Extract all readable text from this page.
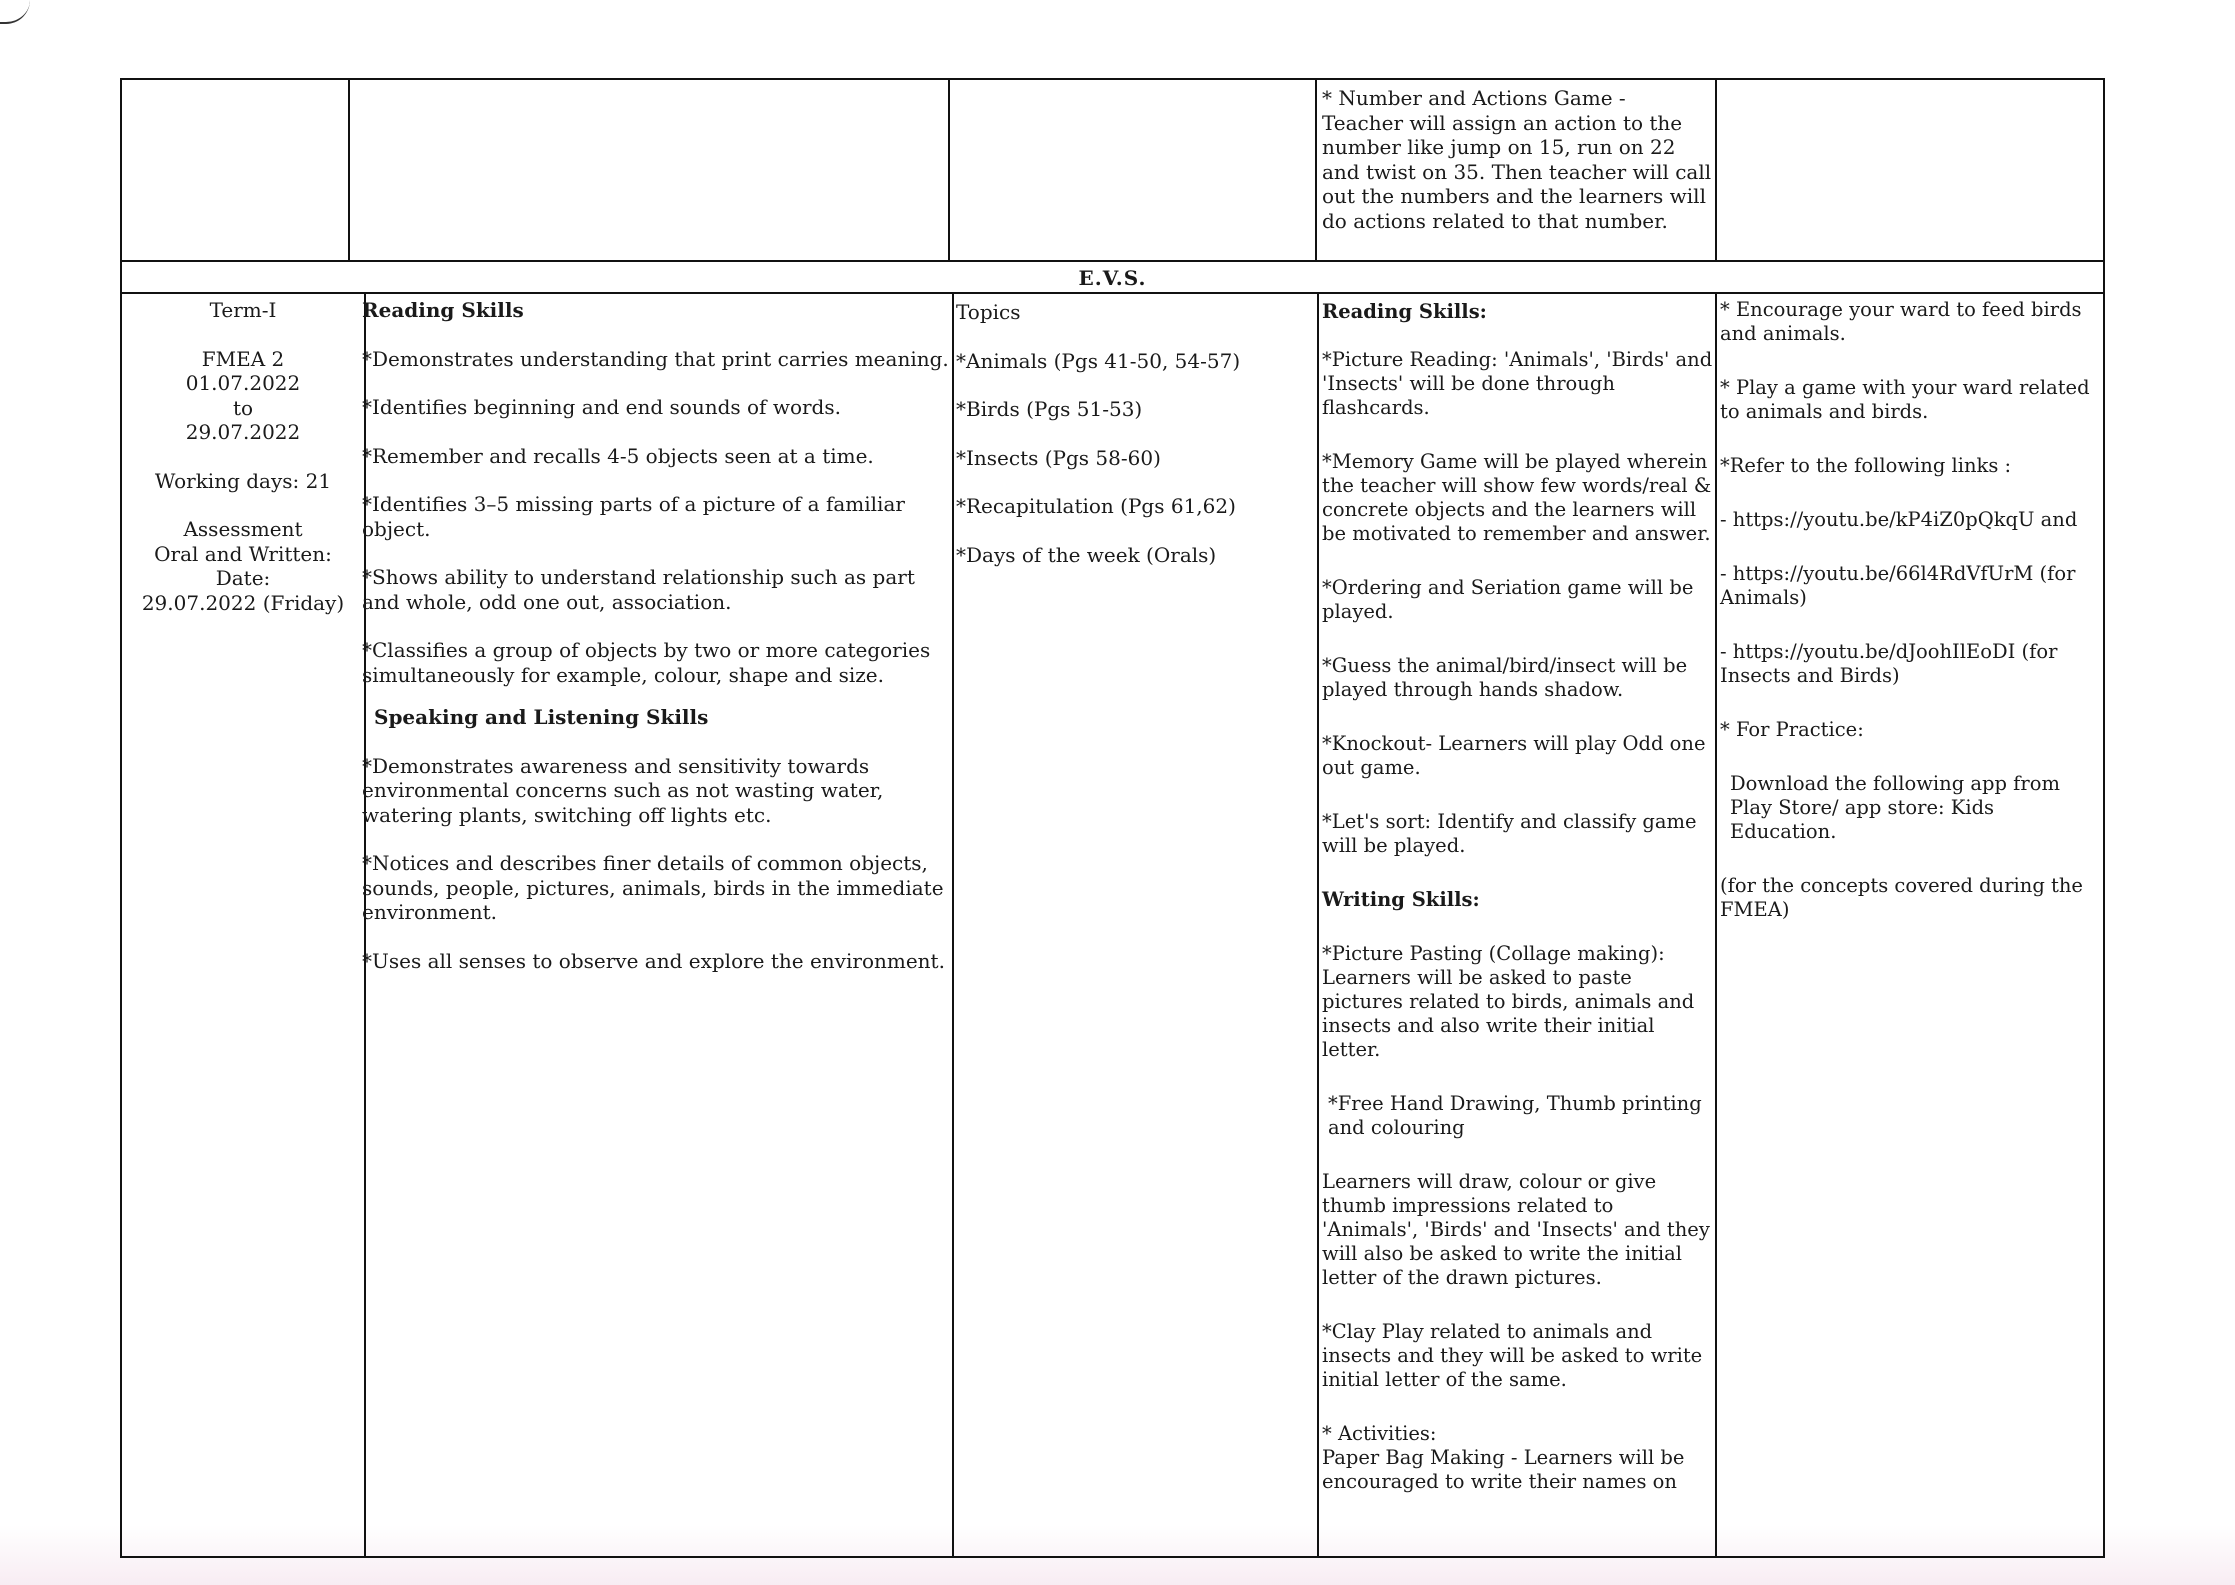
E.V.S.

* Number and Actions Game - Teacher will assign an action to the number like jump on 15, run on 22 and twist on 35. Then teacher will call out the numbers and the learners will do actions related to that number.

Term-I

FMEA 2

01.07.2022

to

29.07.2022

Working days: 21

Assessment

Oral and Written:

Date:

29.07.2022 (Friday)

Reading Skills

*Demonstrates understanding that print carries meaning.

*Identifies beginning and end sounds of words.

*Remember and recalls 4-5 objects seen at a time.

*Identifies 3–5 missing parts of a picture of a familiar object.

*Shows ability to understand relationship such as part and whole, odd one out, association.

*Classifies a group of objects by two or more categories simultaneously for example, colour, shape and size.

Speaking and Listening Skills

*Demonstrates awareness and sensitivity towards environmental concerns such as not wasting water, watering plants, switching off lights etc.

*Notices and describes finer details of common objects, sounds, people, pictures, animals, birds in the immediate environment.

*Uses all senses to observe and explore the environment.

Topics

*Animals (Pgs 41-50, 54-57)

*Birds (Pgs 51-53)

*Insects (Pgs 58-60)

*Recapitulation (Pgs 61,62)

*Days of the week (Orals)

Reading Skills:

*Picture Reading: 'Animals', 'Birds' and 'Insects' will be done through flashcards.

*Memory Game will be played wherein the teacher will show few words/real & concrete objects and the learners will be motivated to remember and answer.

*Ordering and Seriation game will be played.

*Guess the animal/bird/insect will be played through hands shadow.

*Knockout- Learners will play Odd one out game.

*Let's sort: Identify and classify game will be played.

Writing Skills:

*Picture Pasting (Collage making): Learners will be asked to paste pictures related to birds, animals and insects and also write their initial letter.

*Free Hand Drawing, Thumb printing and colouring

Learners will draw, colour or give thumb impressions related to 'Animals', 'Birds' and 'Insects' and they will also be asked to write the initial letter of the drawn pictures.

*Clay Play related to animals and insects and they will be asked to write initial letter of the same.

* Activities:

Paper Bag Making - Learners will be encouraged to write their names on

* Encourage your ward to feed birds and animals.

* Play a game with your ward related to animals and birds.

*Refer to the following links :

- https://youtu.be/kP4iZ0pQkqU and

- https://youtu.be/66l4RdVfUrM (for Animals)

- https://youtu.be/dJoohIlEoDI (for Insects and Birds)

* For Practice:

Download the following app from Play Store/ app store: Kids Education.

(for the concepts covered during the FMEA)
